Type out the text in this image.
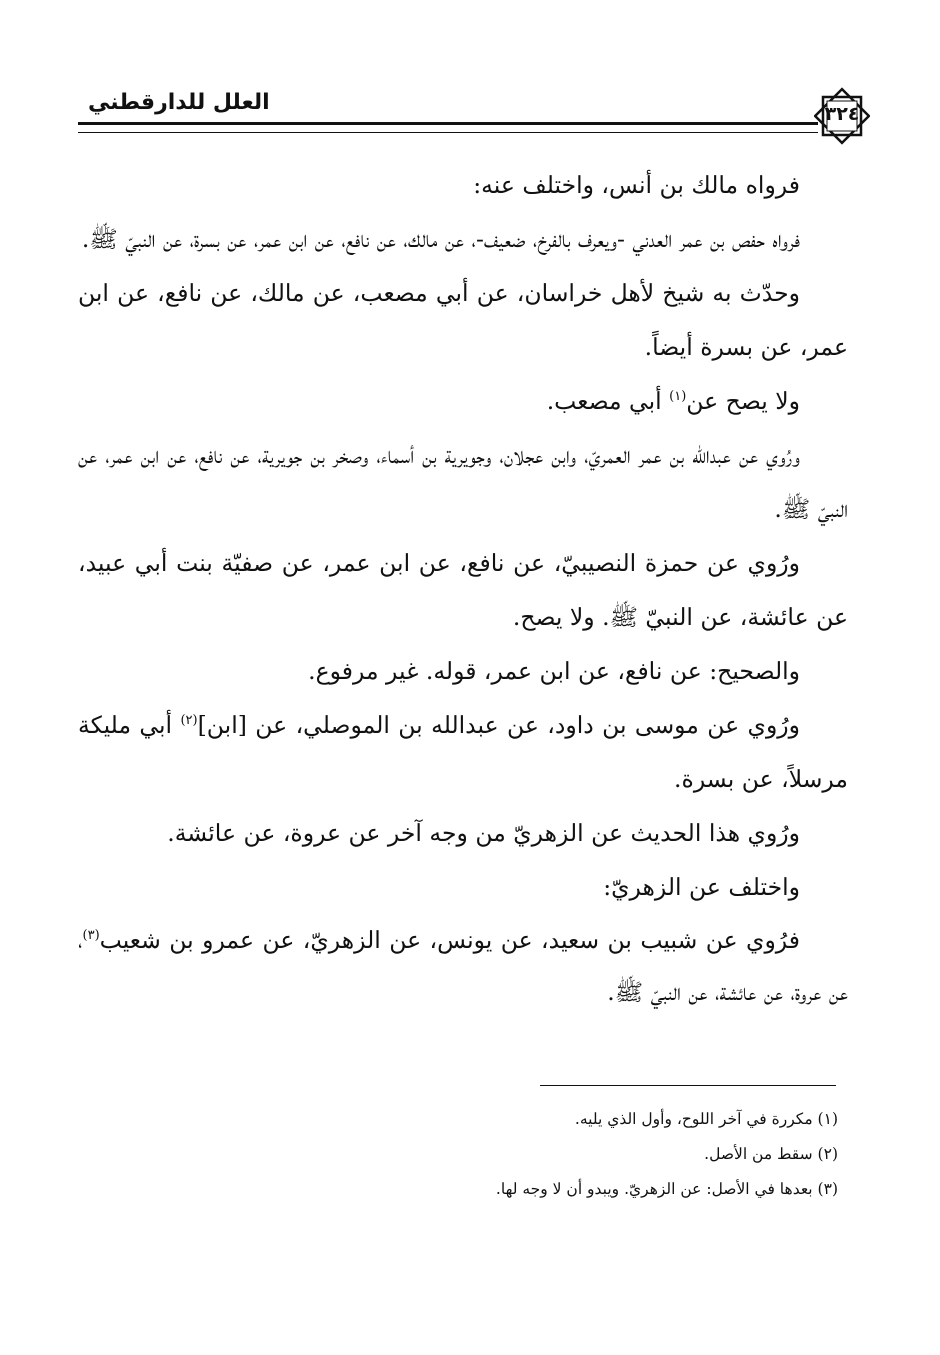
العلل للدارقطني	٣٢٤

فرواه مالك بن أنس، واختلف عنه:

فرواه حفص بن عمر العدني -ويعرف بالفرخ، ضعيف-، عن مالك، عن نافع، عن ابن عمر، عن بسرة، عن النبيّ ﷺ.

وحدّث به شيخ لأهل خراسان، عن أبي مصعب، عن مالك، عن نافع، عن ابن عمر، عن بسرة أيضاً.

ولا يصح عن$^{(١)}$ أبي مصعب.

ورُوي عن عبدالله بن عمر العمريّ، وابن عجلان، وجويرية بن أسماء، وصخر بن جويرية، عن نافع، عن ابن عمر، عن النبيّ ﷺ.

ورُوي عن حمزة النصيبيّ، عن نافع، عن ابن عمر، عن صفيّة بنت أبي عبيد، عن عائشة، عن النبيّ ﷺ. ولا يصح.

والصحيح: عن نافع، عن ابن عمر، قوله. غير مرفوع.

ورُوي عن موسى بن داود، عن عبدالله بن الموصلي، عن [ابن]$^{(٢)}$ أبي مليكة مرسلاً، عن بسرة.

ورُوي هذا الحديث عن الزهريّ من وجه آخر عن عروة، عن عائشة.

واختلف عن الزهريّ:

فرُوي عن شبيب بن سعيد، عن يونس، عن الزهريّ، عن عمرو بن شعيب$^{(٣)}$، عن عروة، عن عائشة، عن النبيّ ﷺ.

(١) مكررة في آخر اللوح، وأول الذي يليه.

(٢) سقط من الأصل.

(٣) بعدها في الأصل: عن الزهريّ. ويبدو أن لا وجه لها.
